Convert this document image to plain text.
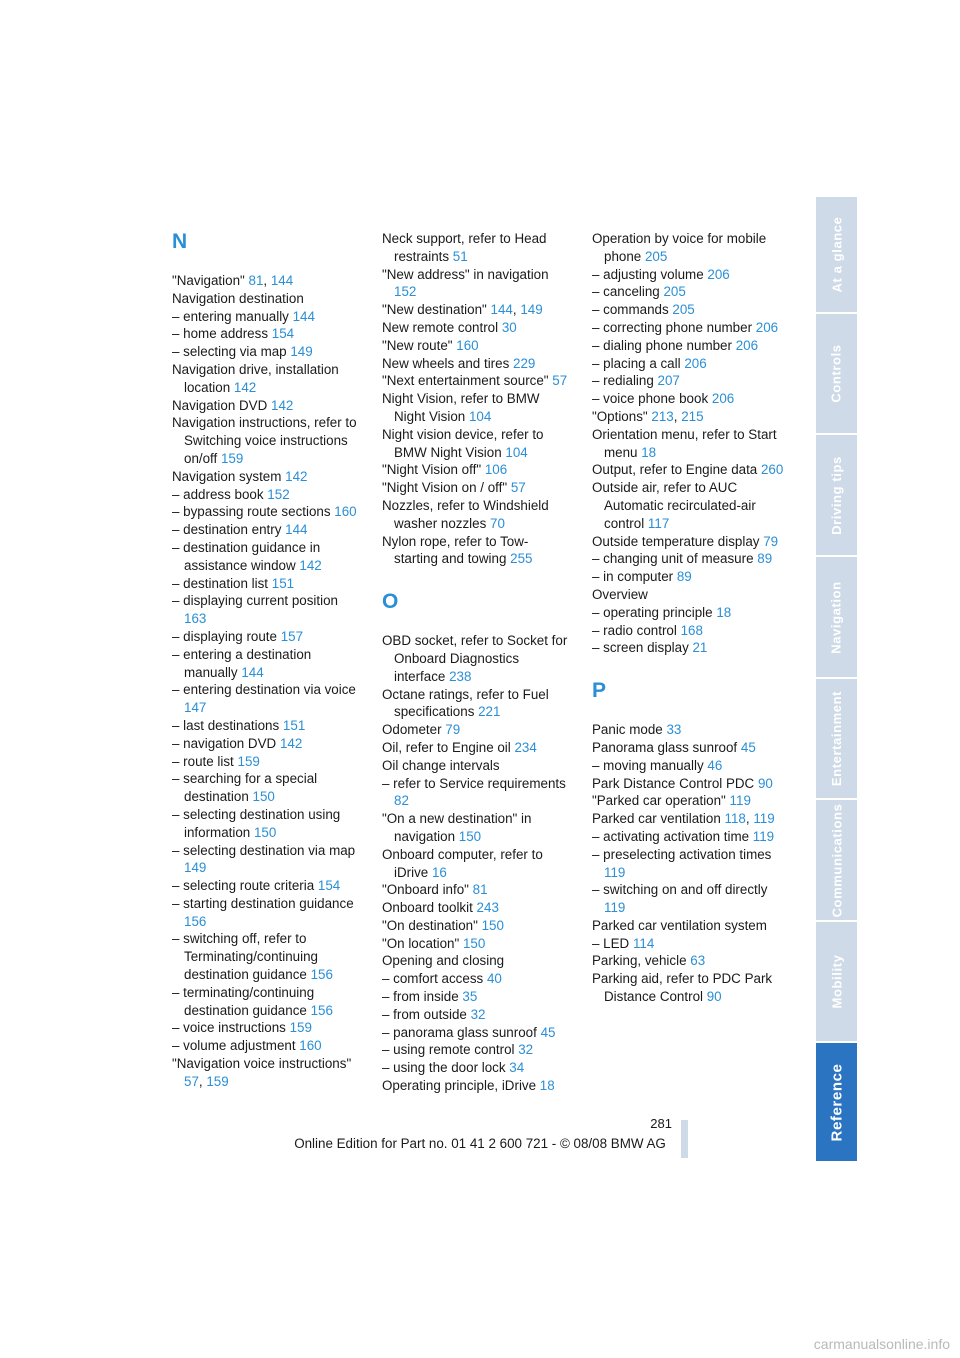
N
"Navigation" 81, 144
Navigation destination
– entering manually 144
– home address 154
– selecting via map 149
Navigation drive, installation location 142
Navigation DVD 142
Navigation instructions, refer to Switching voice instructions on/off 159
Navigation system 142
– address book 152
– bypassing route sections 160
– destination entry 144
– destination guidance in assistance window 142
– destination list 151
– displaying current position 163
– displaying route 157
– entering a destination manually 144
– entering destination via voice 147
– last destinations 151
– navigation DVD 142
– route list 159
– searching for a special destination 150
– selecting destination using information 150
– selecting destination via map 149
– selecting route criteria 154
– starting destination guidance 156
– switching off, refer to Terminating/continuing destination guidance 156
– terminating/continuing destination guidance 156
– voice instructions 159
– volume adjustment 160
"Navigation voice instructions" 57, 159
Neck support, refer to Head restraints 51
"New address" in navigation 152
"New destination" 144, 149
New remote control 30
"New route" 160
New wheels and tires 229
"Next entertainment source" 57
Night Vision, refer to BMW Night Vision 104
Night vision device, refer to BMW Night Vision 104
"Night Vision off" 106
"Night Vision on / off" 57
Nozzles, refer to Windshield washer nozzles 70
Nylon rope, refer to Tow-starting and towing 255
O
OBD socket, refer to Socket for Onboard Diagnostics interface 238
Octane ratings, refer to Fuel specifications 221
Odometer 79
Oil, refer to Engine oil 234
Oil change intervals
– refer to Service requirements 82
"On a new destination" in navigation 150
Onboard computer, refer to iDrive 16
"Onboard info" 81
Onboard toolkit 243
"On destination" 150
"On location" 150
Opening and closing
– comfort access 40
– from inside 35
– from outside 32
– panorama glass sunroof 45
– using remote control 32
– using the door lock 34
Operating principle, iDrive 18
Operation by voice for mobile phone 205
– adjusting volume 206
– canceling 205
– commands 205
– correcting phone number 206
– dialing phone number 206
– placing a call 206
– redialing 207
– voice phone book 206
"Options" 213, 215
Orientation menu, refer to Start menu 18
Output, refer to Engine data 260
Outside air, refer to AUC Automatic recirculated-air control 117
Outside temperature display 79
– changing unit of measure 89
– in computer 89
Overview
– operating principle 18
– radio control 168
– screen display 21
P
Panic mode 33
Panorama glass sunroof 45
– moving manually 46
Park Distance Control PDC 90
"Parked car operation" 119
Parked car ventilation 118, 119
– activating activation time 119
– preselecting activation times 119
– switching on and off directly 119
Parked car ventilation system
– LED 114
Parking, vehicle 63
Parking aid, refer to PDC Park Distance Control 90
At a glance
Controls
Driving tips
Navigation
Entertainment
Communications
Mobility
Reference
281
Online Edition for Part no. 01 41 2 600 721 - © 08/08 BMW AG
carmanualsonline.info
